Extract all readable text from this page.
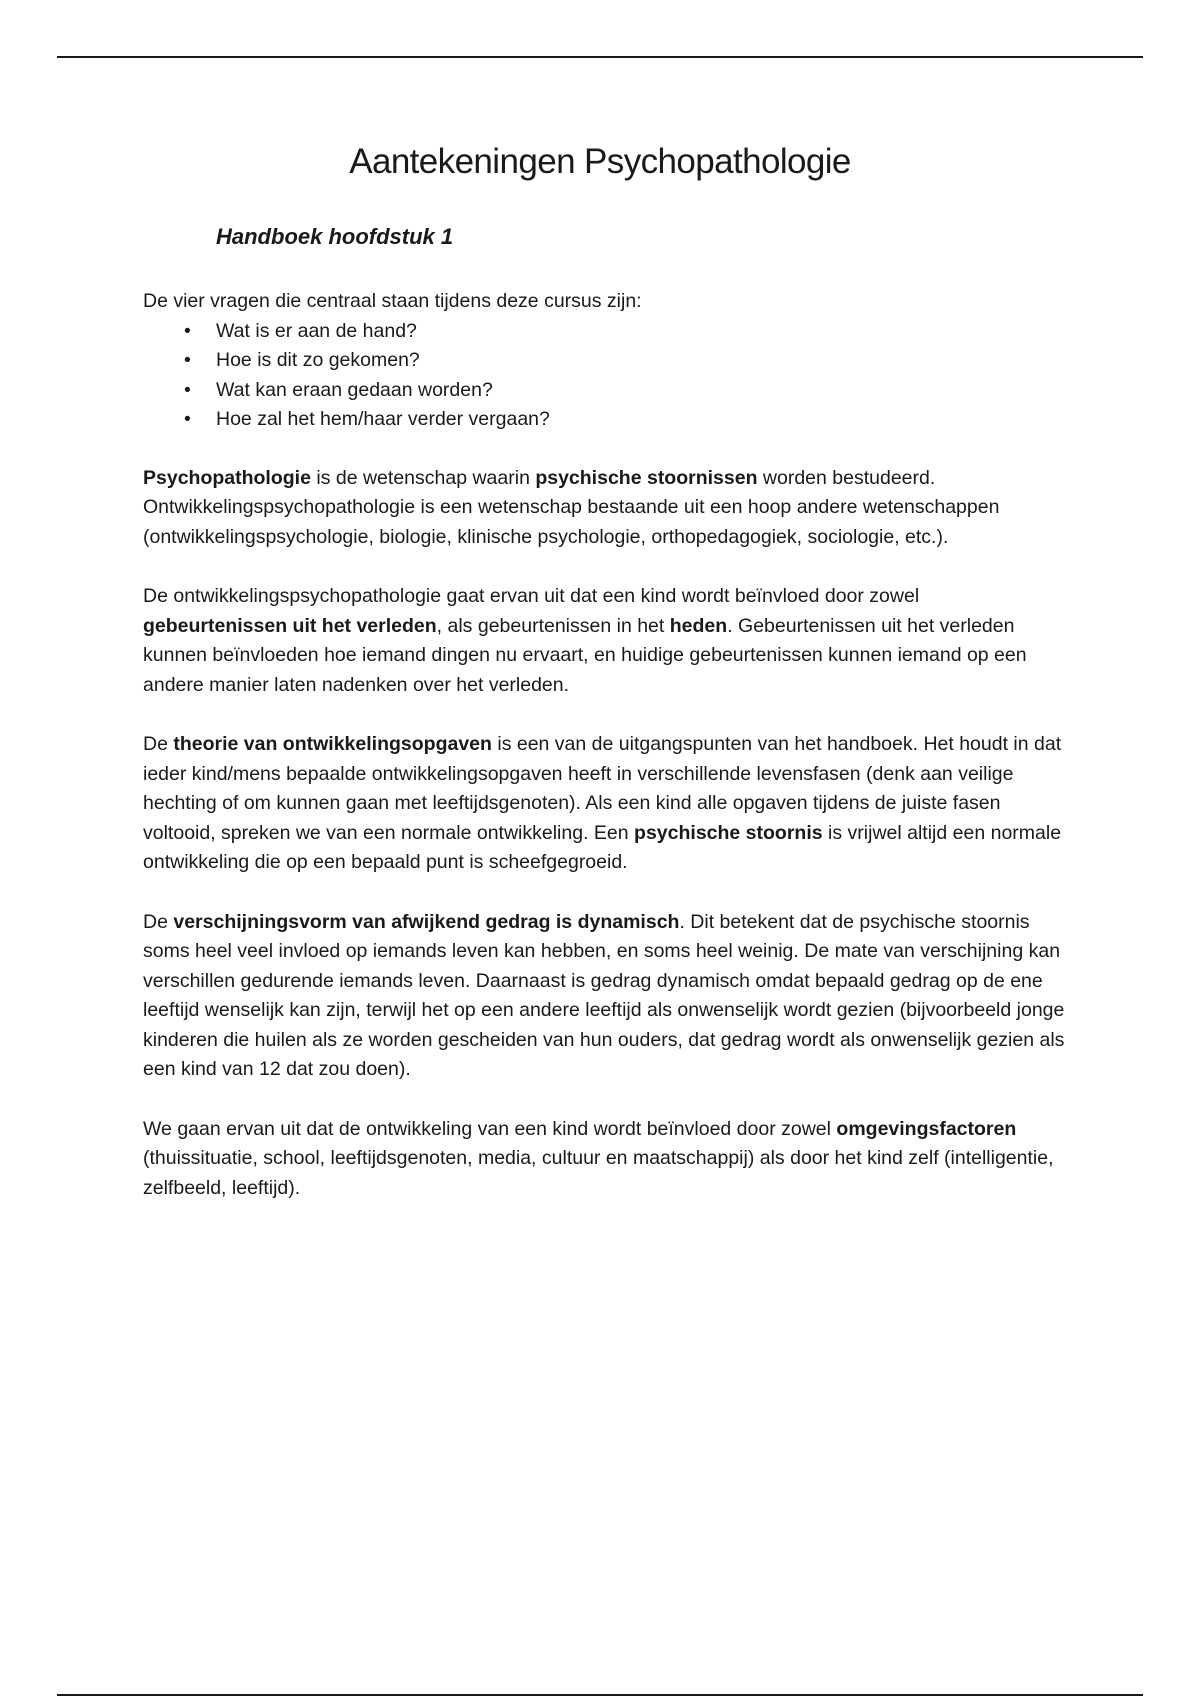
Aantekeningen Psychopathologie
Handboek hoofdstuk 1

De vier vragen die centraal staan tijdens deze cursus zijn:

• Wat is er aan de hand?
• Hoe is dit zo gekomen?
• Wat kan eraan gedaan worden?
• Hoe zal het hem/haar verder vergaan?

Psychopathologie is de wetenschap waarin psychische stoornissen worden bestudeerd. Ontwikkelingspsychopathologie is een wetenschap bestaande uit een hoop andere wetenschappen (ontwikkelingspsychologie, biologie, klinische psychologie, orthopedagogiek, sociologie, etc.).

De ontwikkelingspsychopathologie gaat ervan uit dat een kind wordt beïnvloed door zowel gebeurtenissen uit het verleden, als gebeurtenissen in het heden. Gebeurtenissen uit het verleden kunnen beïnvloeden hoe iemand dingen nu ervaart, en huidige gebeurtenissen kunnen iemand op een andere manier laten nadenken over het verleden.

De theorie van ontwikkelingsopgaven is een van de uitgangspunten van het handboek. Het houdt in dat ieder kind/mens bepaalde ontwikkelingsopgaven heeft in verschillende levensfasen (denk aan veilige hechting of om kunnen gaan met leeftijdsgenoten). Als een kind alle opgaven tijdens de juiste fasen voltooid, spreken we van een normale ontwikkeling. Een psychische stoornis is vrijwel altijd een normale ontwikkeling die op een bepaald punt is scheefgegroeid.

De verschijningsvorm van afwijkend gedrag is dynamisch. Dit betekent dat de psychische stoornis soms heel veel invloed op iemands leven kan hebben, en soms heel weinig. De mate van verschijning kan verschillen gedurende iemands leven. Daarnaast is gedrag dynamisch omdat bepaald gedrag op de ene leeftijd wenselijk kan zijn, terwijl het op een andere leeftijd als onwenselijk wordt gezien (bijvoorbeeld jonge kinderen die huilen als ze worden gescheiden van hun ouders, dat gedrag wordt als onwenselijk gezien als een kind van 12 dat zou doen).

We gaan ervan uit dat de ontwikkeling van een kind wordt beïnvloed door zowel omgevingsfactoren (thuissituatie, school, leeftijdsgenoten, media, cultuur en maatschappij) als door het kind zelf (intelligentie, zelfbeeld, leeftijd).
